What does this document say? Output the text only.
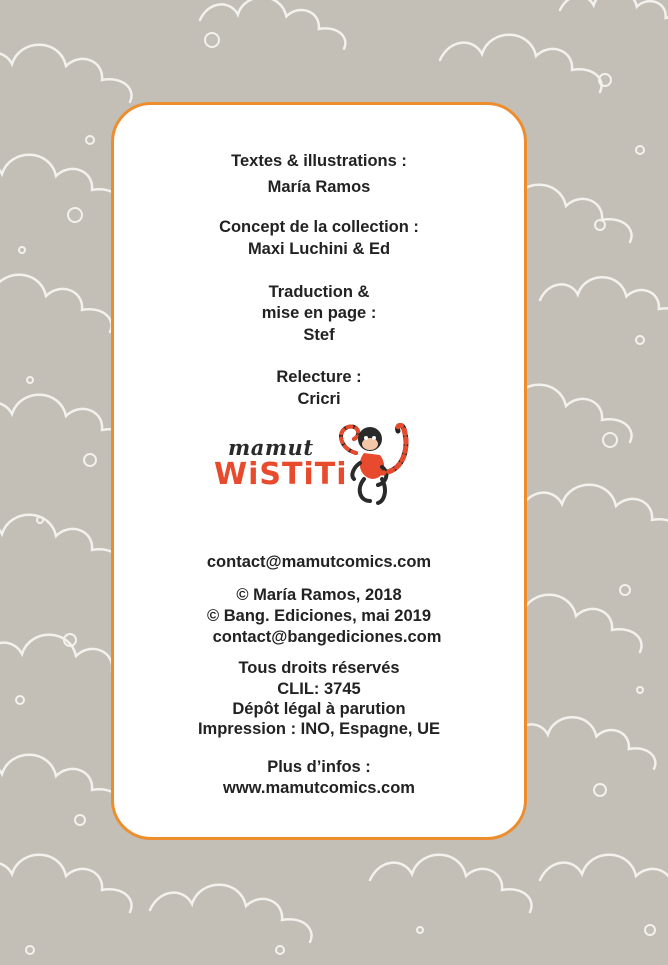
Textes & illustrations :
María Ramos
Concept de la collection :
Maxi Luchini & Ed
Traduction &
mise en page :
Stef
Relecture :
Cricri
mamut
WiSTiTi
contact@mamutcomics.com
© María Ramos, 2018
© Bang. Ediciones, mai 2019
contact@bangediciones.com
Tous droits réservés
CLIL: 3745
Dépôt légal à parution
Impression : INO, Espagne, UE
Plus d’infos :
www.mamutcomics.com
